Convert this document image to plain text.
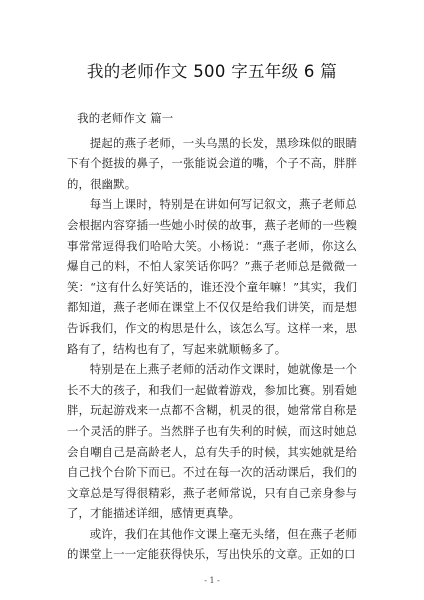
我的老师作文 500 字五年级 6 篇

我的老师作文 篇一

提起的燕子老师，一头乌黑的长发，黑珍珠似的眼睛下有个挺拔的鼻子，一张能说会道的嘴，个子不高，胖胖的，很幽默。

每当上课时，特别是在讲如何写记叙文，燕子老师总会根据内容穿插一些她小时侯的故事，燕子老师的一些糗事常常逗得我们哈哈大笑。小杨说：“燕子老师，你这么爆自己的料，不怕人家笑话你吗？”燕子老师总是微微一笑：“这有什么好笑话的，谁还没个童年嘛！”其实，我们都知道，燕子老师在课堂上不仅仅是给我们讲笑，而是想告诉我们，作文的构思是什么，该怎么写。这样一来，思路有了，结构也有了，写起来就顺畅多了。

特别是在上燕子老师的活动作文课时，她就像是一个长不大的孩子，和我们一起做着游戏，参加比赛。别看她胖，玩起游戏来一点都不含糊，机灵的很，她常常自称是一个灵活的胖子。当然胖子也有失利的时候，而这时她总会自嘲自己是高龄老人，总有失手的时候，其实她就是给自己找个台阶下而已。不过在每一次的活动课后，我们的文章总是写得很精彩，燕子老师常说，只有自己亲身参与了，才能描述详细，感情更真挚。

或许，我们在其他作文课上毫无头绪，但在燕子老师的课堂上一一定能获得快乐，写出快乐的文章。正如的口

- 1 -
